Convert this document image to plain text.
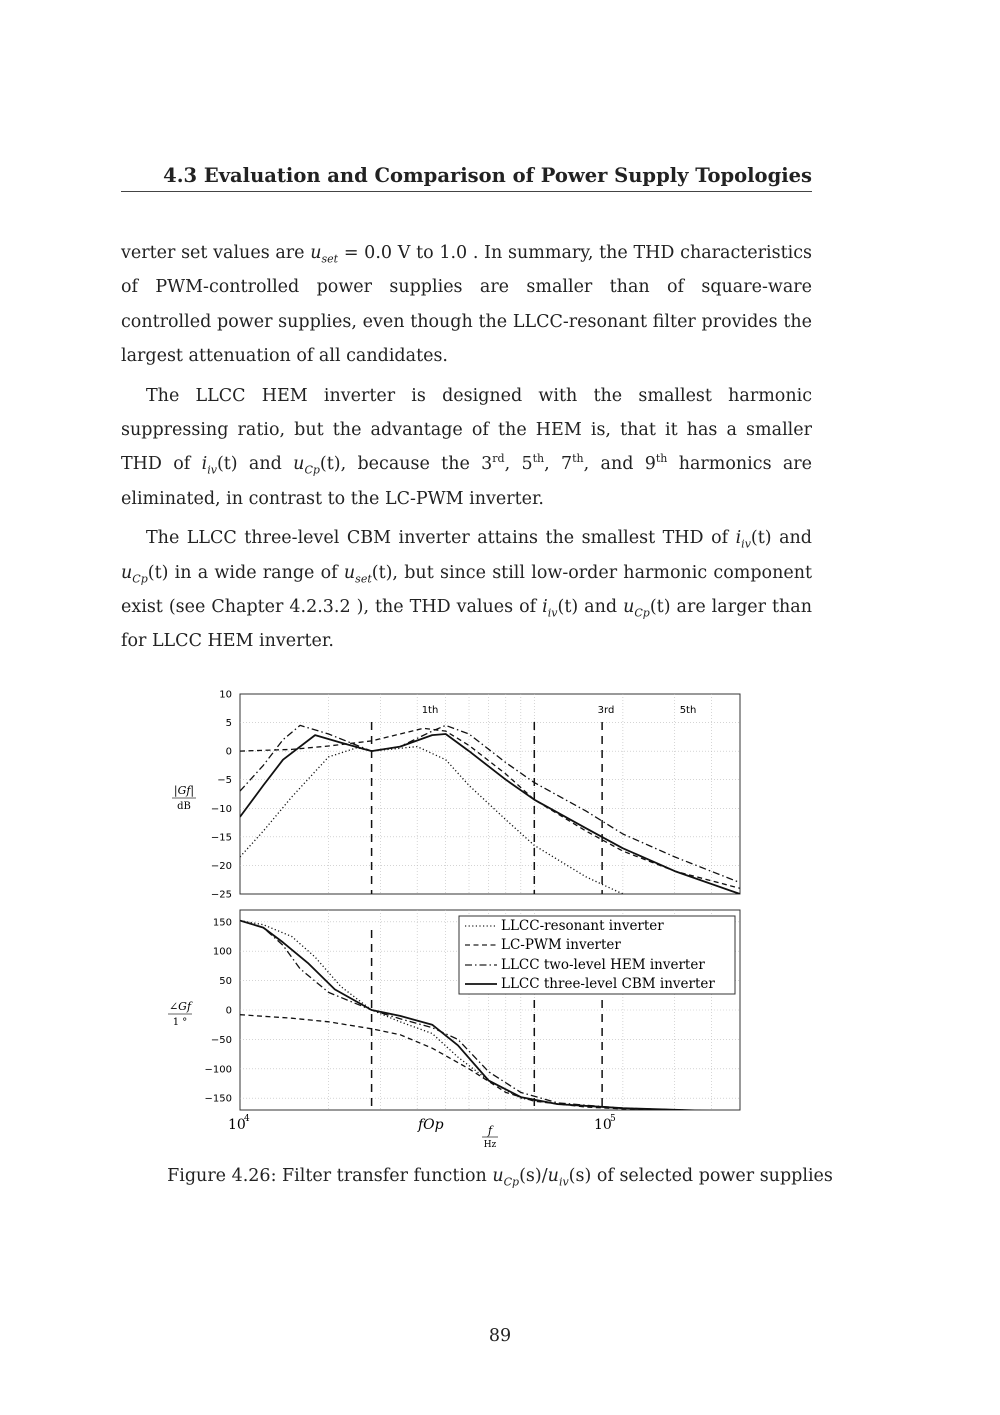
4.3 Evaluation and Comparison of Power Supply Topologies

verter set values are $u_{set} = 0.0$ V to 1.0 . In summary, the THD characteristics of PWM-controlled power supplies are smaller than of square-ware controlled power supplies, even though the LLCC-resonant filter provides the largest attenuation of all candidates.

The LLCC HEM inverter is designed with the smallest harmonic suppressing ratio, but the advantage of the HEM is, that it has a smaller THD of $i_{iv}(t)$ and $u_{Cp}(t)$, because the 3rd, 5th, 7th, and 9th harmonics are eliminated, in contrast to the LC-PWM inverter.

The LLCC three-level CBM inverter attains the smallest THD of $i_{iv}(t)$ and $u_{Cp}(t)$ in a wide range of $u_{set}(t)$, but since still low-order harmonic component exist (see Chapter 4.2.3.2 ), the THD values of $i_{iv}(t)$ and $u_{Cp}(t)$ are larger than for LLCC HEM inverter.

10
5
0
−5
−10
−15
−20
−25
1th	3rd	5th
|Gf|
dB
150
100
50
0
−50
−100
−150
∠Gf
1 °
LLCC-resonant inverter
LC-PWM inverter
LLCC two-level HEM inverter
LLCC three-level CBM inverter
10
4	fOp	10
5
f
Hz
Figure 4.26: Filter transfer function $u_{Cp}(s)/u_{iv}(s)$ of selected power supplies
89
